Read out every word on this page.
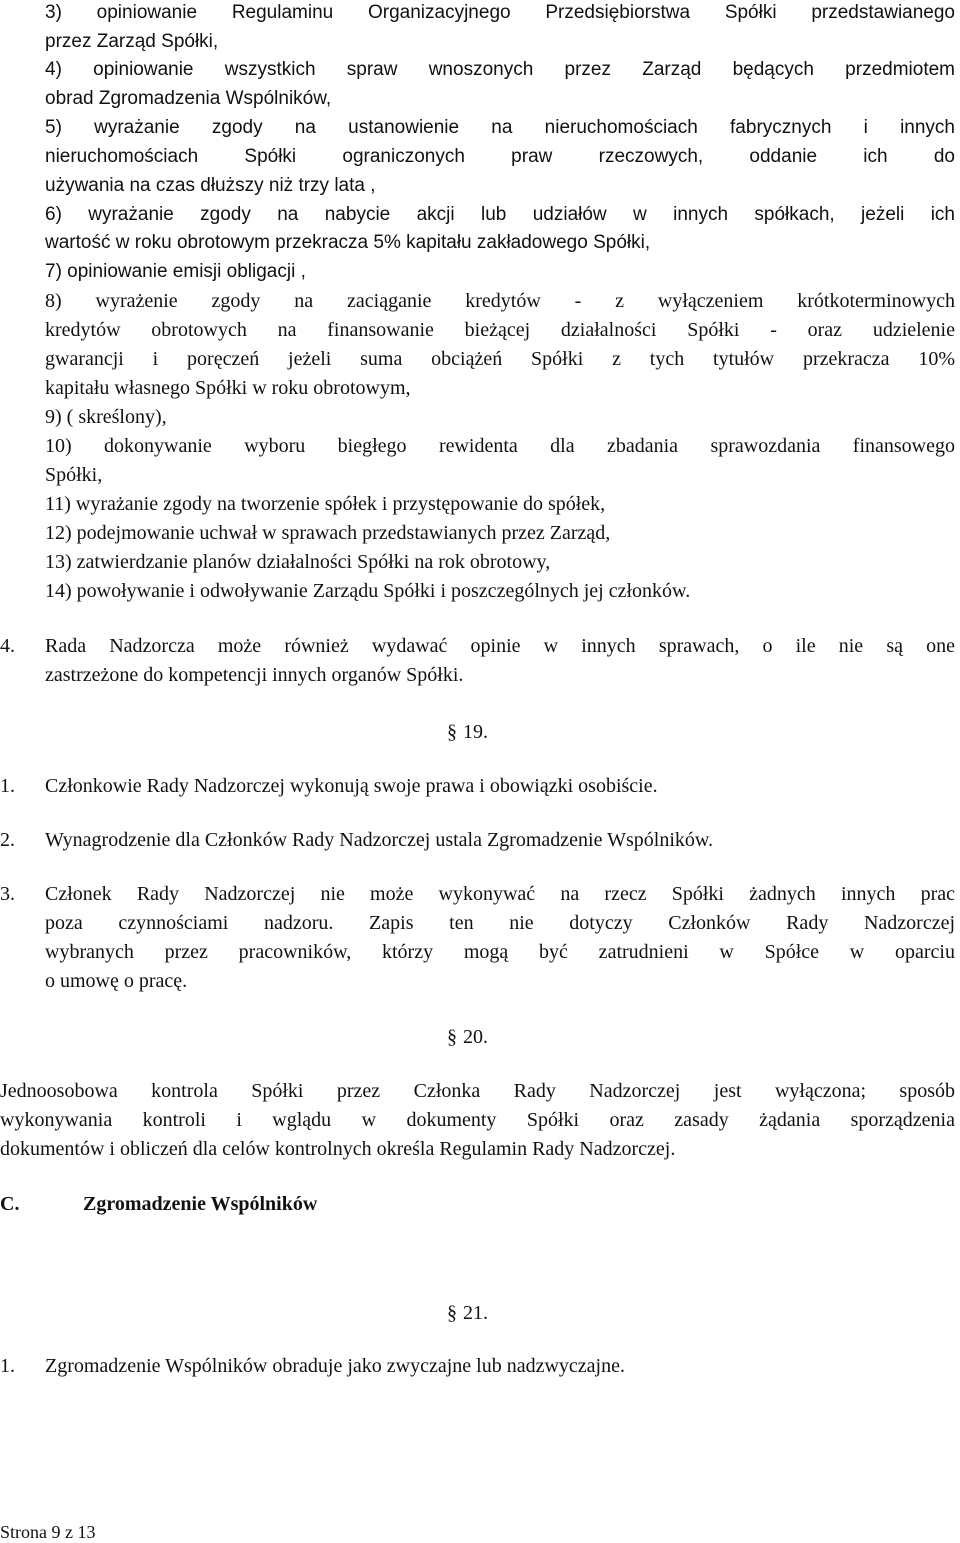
3) opiniowanie Regulaminu Organizacyjnego Przedsiębiorstwa Spółki przedstawianego
przez Zarząd Spółki,
4) opiniowanie wszystkich spraw wnoszonych przez Zarząd będących przedmiotem
obrad Zgromadzenia Wspólników,
5) wyrażanie zgody na ustanowienie na nieruchomościach fabrycznych i innych
nieruchomościach Spółki ograniczonych praw rzeczowych, oddanie ich do
używania na czas dłuższy niż trzy lata ,
6) wyrażanie zgody na nabycie akcji lub udziałów w innych spółkach, jeżeli ich
wartość w roku obrotowym przekracza 5% kapitału zakładowego Spółki,
7) opiniowanie emisji obligacji ,
8) wyrażenie zgody na zaciąganie kredytów - z wyłączeniem krótkoterminowych
kredytów obrotowych na finansowanie bieżącej działalności Spółki - oraz udzielenie
gwarancji i poręczeń jeżeli suma obciążeń Spółki z tych tytułów przekracza 10%
kapitału własnego Spółki w roku obrotowym,
9) ( skreślony),
10) dokonywanie wyboru biegłego rewidenta dla zbadania sprawozdania finansowego
Spółki,
11) wyrażanie zgody na tworzenie spółek i przystępowanie do spółek,
12) podejmowanie uchwał w sprawach przedstawianych przez Zarząd,
13) zatwierdzanie planów działalności Spółki na rok obrotowy,
14) powoływanie i odwoływanie Zarządu Spółki i poszczególnych jej członków.
4. Rada Nadzorcza może również wydawać opinie w innych sprawach, o ile nie są one
zastrzeżone do kompetencji innych organów Spółki.
§ 19.
1. Członkowie Rady Nadzorczej wykonują swoje prawa i obowiązki osobiście.
2. Wynagrodzenie dla Członków Rady Nadzorczej ustala Zgromadzenie Wspólników.
3. Członek Rady Nadzorczej nie może wykonywać na rzecz Spółki żadnych innych prac
poza czynnościami nadzoru. Zapis ten nie dotyczy Członków Rady Nadzorczej
wybranych przez pracowników, którzy mogą być zatrudnieni w Spółce w oparciu
o umowę o pracę.
§ 20.
Jednoosobowa kontrola Spółki przez Członka Rady Nadzorczej jest wyłączona; sposób
wykonywania kontroli i wglądu w dokumenty Spółki oraz zasady żądania sporządzenia
dokumentów i obliczeń dla celów kontrolnych określa Regulamin Rady Nadzorczej.
C.	Zgromadzenie Wspólników
§ 21.
1. Zgromadzenie Wspólników obraduje jako zwyczajne lub nadzwyczajne.
Strona 9 z 13
